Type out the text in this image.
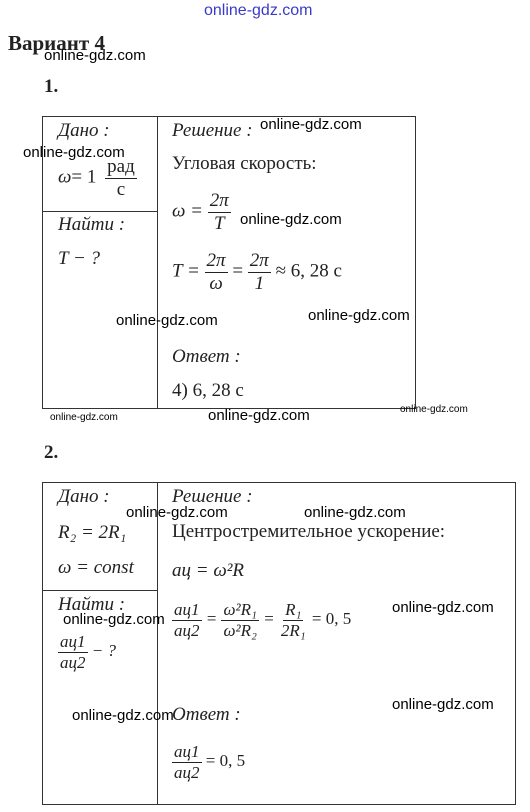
online-gdz.com
Вариант 4
online-gdz.com
1.
Дано :
online-gdz.com
$\omega= 1 \frac{\text{рад}}{с}$
Найти :
T − ?
Решение : online-gdz.com
Угловая скорость:
$\omega = \frac{2\pi}{T}$ online-gdz.com
$T = \frac{2\pi}{\omega} = \frac{2\pi}{1} \approx 6$, 28 с
online-gdz.com	online-gdz.com
Ответ :
4) 6, 28 с
online-gdz.com	online-gdz.com	online-gdz.com
2.
Дано :
R₂ = 2R₁
ω = const
Найти :
online-gdz.com
$\frac{aц1}{aц2}$ − ?
Решение :
online-gdz.com	online-gdz.com
Центростремительное ускорение:
aц = ω²R
$\frac{aц1}{aц2} = \frac{\text{ω²R₁}}{\text{ω²R₂}} = \frac{\text{R₁}}{\text{2R₁}} = 0$, 5
online-gdz.com
online-gdz.com
online-gdz.com
Ответ :
$\frac{aц1}{aц2} = 0$, 5
